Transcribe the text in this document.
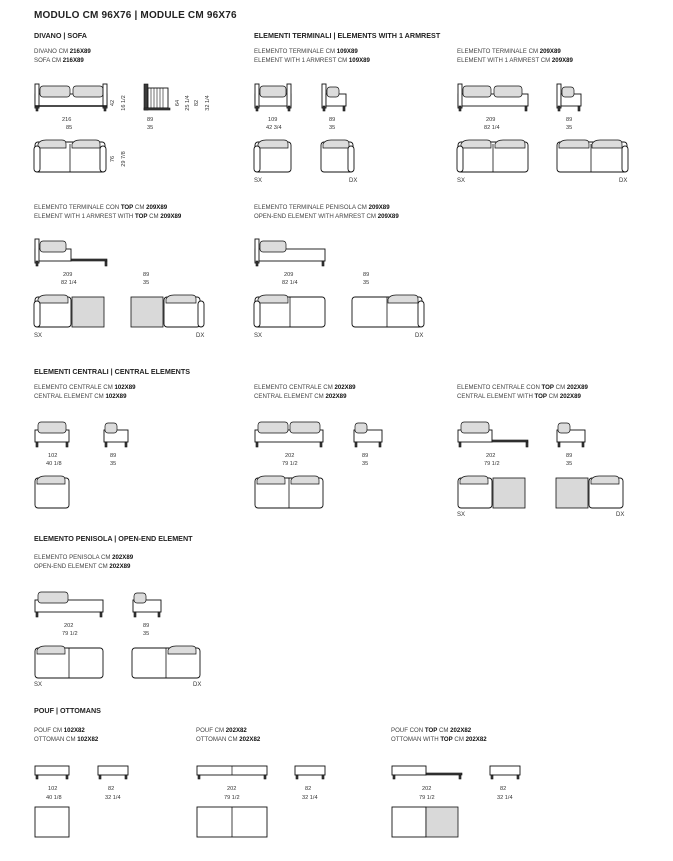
MODULO CM 96X76 | MODULE CM 96X76
DIVANO | SOFA	ELEMENTI TERMINALI | ELEMENTS WITH 1 ARMREST
ELEMENTI CENTRALI | CENTRAL ELEMENTS
ELEMENTO PENISOLA | OPEN-END ELEMENT
POUF | OTTOMANS
DIVANO CM 216X89
SOFA CM 216X89
ELEMENTO TERMINALE CM 109X89
ELEMENT WITH 1 ARMREST CM 109X89
ELEMENTO TERMINALE CM 209X89
ELEMENT WITH 1 ARMREST CM 209X89
ELEMENTO TERMINALE CON TOP CM 209X89
ELEMENT WITH 1 ARMREST WITH TOP CM 209X89
ELEMENTO TERMINALE PENISOLA CM 209X89
OPEN-END ELEMENT WITH ARMREST CM 209X89
ELEMENTO CENTRALE CM 102X89
CENTRAL ELEMENT CM 102X89
ELEMENTO CENTRALE CM 202X89
CENTRAL ELEMENT CM 202X89
ELEMENTO CENTRALE CON TOP CM 202X89
CENTRAL ELEMENT WITH TOP CM 202X89
ELEMENTO PENISOLA CM 202X89
OPEN-END ELEMENT CM 202X89
POUF CM 102X82
OTTOMAN CM 102X82
POUF CM 202X82
OTTOMAN CM 202X82
POUF CON TOP CM 202X82
OTTOMAN WITH TOP CM 202X82
216
85
89
35
42 16 1/2	64 25 1/4 82 32 1/4
76 29 7/8
109
42 3/4
89
35
SX	DX
209
82 1/4
89
35
SX	DX
209
82 1/4
89
35
SX	DX
209
82 1/4
89
35
SX	DX
102
40 1/8
89
35
202
79 1/2
89
35
202
79 1/2
89
35
SX	DX
202
79 1/2
89
35
SX	DX
102
40 1/8
82
32 1/4
202
79 1/2
82
32 1/4
202
79 1/2
82
32 1/4
